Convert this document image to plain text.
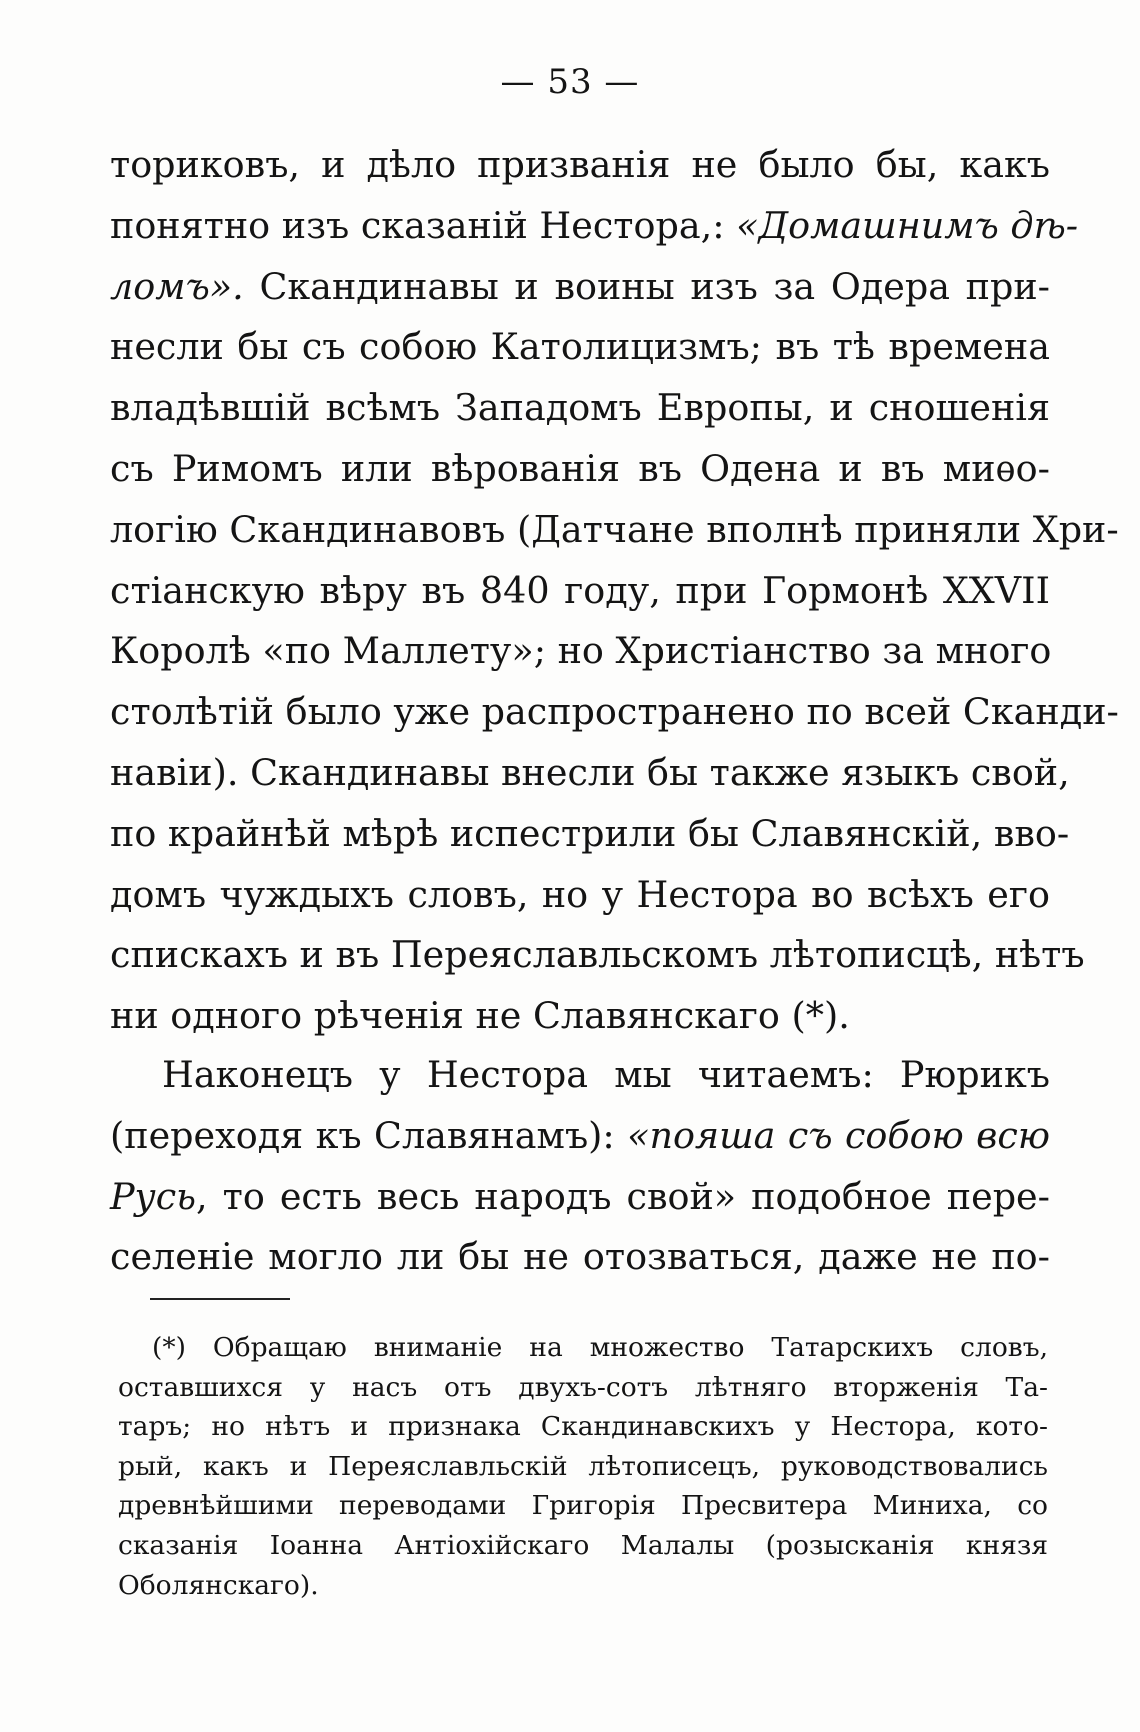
— 53 —
ториковъ, и дѣло призванія не было бы, какъ
понятно изъ сказаній Нестора,: «Домашнимъ дѣ-
ломъ». Скандинавы и воины изъ за Одера при-
несли бы съ собою Католицизмъ; въ тѣ времена
владѣвшій всѣмъ Западомъ Европы, и сношенія
съ Римомъ или вѣрованія въ Одена и въ миѳо-
логію Скандинавовъ (Датчане вполнѣ приняли Хри-
стіанскую вѣру въ 840 году, при Гормонѣ XXVII
Королѣ «по Маллету»; но Христіанство за много
столѣтій было уже распространено по всей Сканди-
навіи). Скандинавы внесли бы также языкъ свой,
по крайнѣй мѣрѣ испестрили бы Славянскій, вво-
домъ чуждыхъ словъ, но у Нестора во всѣхъ его
спискахъ и въ Переяславльскомъ лѣтописцѣ, нѣтъ
ни одного рѣченія не Славянскаго (*).
Наконецъ у Нестора мы читаемъ: Рюрикъ
(переходя къ Славянамъ): «пояша съ собою всю
Русь, то есть весь народъ свой» подобное пере-
селеніе могло ли бы не отозваться, даже не по-
(*) Обращаю вниманіе на множество Татарскихъ словъ,
оставшихся у насъ отъ двухъ-сотъ лѣтняго вторженія Та-
таръ; но нѣтъ и признака Скандинавскихъ у Нестора, кото-
рый, какъ и Переяславльскій лѣтописецъ, руководствовались
древнѣйшими переводами Григорія Пресвитера Миниха, со
сказанія Іоанна Антіохійскаго Малалы (розысканія князя
Оболянскаго).
